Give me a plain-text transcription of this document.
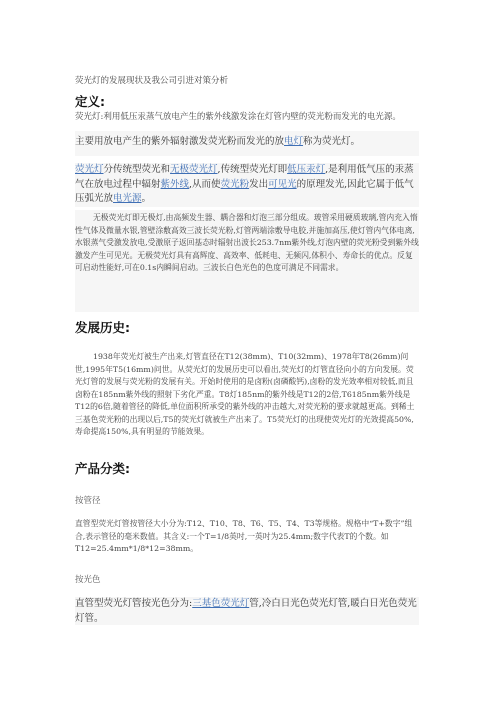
荧光灯的发展现状及我公司引进对策分析
定义:

荧光灯:利用低压汞蒸气放电产生的紫外线激发涂在灯管内壁的荧光粉而发光的电光源。

主要用放电产生的紫外辐射激发荧光粉而发光的放电灯称为荧光灯。

荧光灯分传统型荧光和无极荧光灯,传统型荧光灯即低压汞灯,是利用低气压的汞蒸气在放电过程中辐射紫外线,从而使荧光粉发出可见光的原理发光,因此它属于低气压弧光放电光源。

无极荧光灯即无极灯,由高频发生器、耦合器和灯泡三部分组成。玻管采用硬质玻璃,管内充入惰性气体及微量水银,管壁涂敷高效三波长荧光粉,灯管两端涂敷导电胶,并施加高压,使灯管内气体电离,水银蒸气受激发放电,受激原子返回基态时辐射出波长253.7nm紫外线,灯泡内壁的荧光粉受到紫外线激发产生可见光。无极荧光灯具有高辉度、高效率、低耗电、无频闪,体积小、寿命长的优点。反复可启动性能好,可在0.1s内瞬间启动。三波长白色光色的色度可满足不同需求。

发展历史:

1938年荧光灯被生产出来,灯管直径在T12(38mm)、T10(32mm)、1978年T8(26mm)问世,1995年T5(16mm)问世。从荧光灯的发展历史可以看出,荧光灯的灯管直径向小的方向发展。荧光灯管的发展与荧光粉的发展有关。开始时使用的是卤粉(卤磷酸钙),卤粉的发光效率相对较低,而且卤粉在185nm紫外线的照射下劣化严重。T8灯185nm的紫外线是T12的2倍,T6185nm紫外线是T12的6倍,随着管径的降低,单位面积所承受的紫外线的冲击越大,对荧光粉的要求就越更高。到稀土三基色荧光粉的出现以后,T5的荧光灯就被生产出来了。T5荧光灯的出现使荧光灯的光效提高50%,寿命提高150%,具有明显的节能效果。

产品分类:
按管径

直管型荧光灯管按管径大小分为:T12、T10、T8、T6、T5、T4、T3等规格。规格中“T+数字”组合,表示管径的毫米数值。其含义:一个T=1/8英吋,一英吋为25.4mm;数字代表T的个数。如T12=25.4mm*1/8*12=38mm。

按光色

直管型荧光灯管按光色分为:三基色荧光灯管,冷白日光色荧光灯管,暖白日光色荧光灯管。
